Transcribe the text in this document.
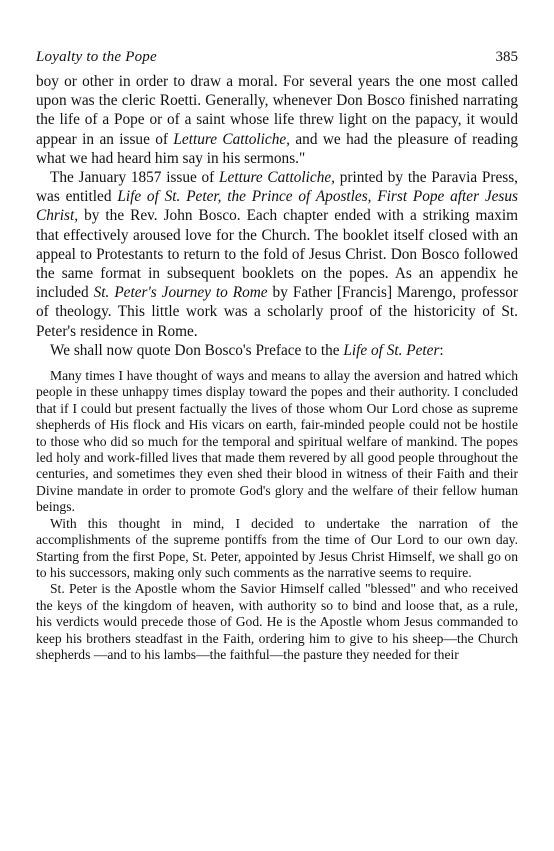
Loyalty to the Pope	385

boy or other in order to draw a moral. For several years the one most called upon was the cleric Roetti. Generally, whenever Don Bosco finished narrating the life of a Pope or of a saint whose life threw light on the papacy, it would appear in an issue of Letture Cattoliche, and we had the pleasure of reading what we had heard him say in his sermons."

The January 1857 issue of Letture Cattoliche, printed by the Paravia Press, was entitled Life of St. Peter, the Prince of Apostles, First Pope after Jesus Christ, by the Rev. John Bosco. Each chapter ended with a striking maxim that effectively aroused love for the Church. The booklet itself closed with an appeal to Protestants to return to the fold of Jesus Christ. Don Bosco followed the same format in subsequent booklets on the popes. As an appendix he included St. Peter's Journey to Rome by Father [Francis] Marengo, professor of theology. This little work was a scholarly proof of the historicity of St. Peter's residence in Rome.

We shall now quote Don Bosco's Preface to the Life of St. Peter:

Many times I have thought of ways and means to allay the aversion and hatred which people in these unhappy times display toward the popes and their authority. I concluded that if I could but present factually the lives of those whom Our Lord chose as supreme shepherds of His flock and His vicars on earth, fair-minded people could not be hostile to those who did so much for the temporal and spiritual welfare of mankind. The popes led holy and work-filled lives that made them revered by all good people throughout the centuries, and sometimes they even shed their blood in witness of their Faith and their Divine mandate in order to promote God's glory and the welfare of their fellow human beings.

With this thought in mind, I decided to undertake the narration of the accomplishments of the supreme pontiffs from the time of Our Lord to our own day. Starting from the first Pope, St. Peter, appointed by Jesus Christ Himself, we shall go on to his successors, making only such comments as the narrative seems to require.

St. Peter is the Apostle whom the Savior Himself called "blessed" and who received the keys of the kingdom of heaven, with authority so to bind and loose that, as a rule, his verdicts would precede those of God. He is the Apostle whom Jesus commanded to keep his brothers steadfast in the Faith, ordering him to give to his sheep—the Church shepherds —and to his lambs—the faithful—the pasture they needed for their
